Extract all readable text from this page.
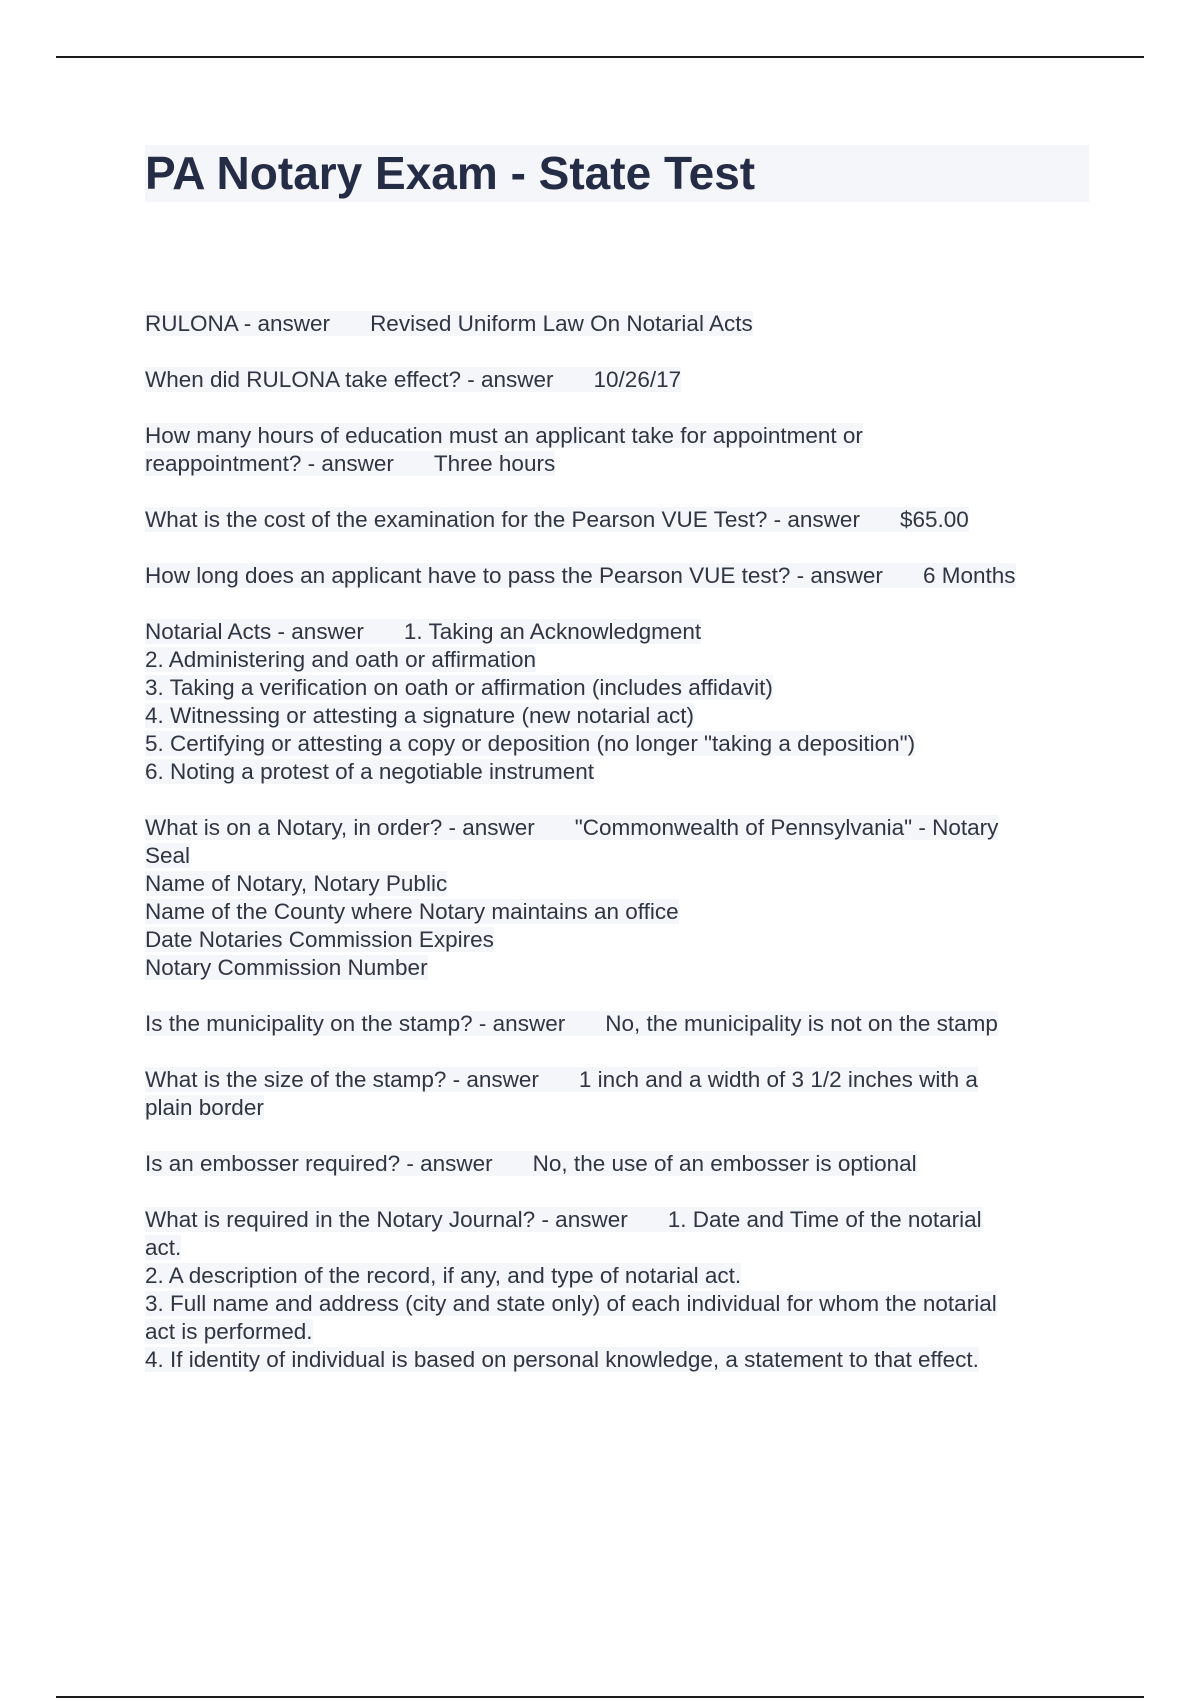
PA Notary Exam - State Test
RULONA - answer Revised Uniform Law On Notarial Acts
When did RULONA take effect? - answer 10/26/17
How many hours of education must an applicant take for appointment or
reappointment? - answer Three hours
What is the cost of the examination for the Pearson VUE Test? - answer $65.00
How long does an applicant have to pass the Pearson VUE test? - answer 6 Months
Notarial Acts - answer 1. Taking an Acknowledgment
2. Administering and oath or affirmation
3. Taking a verification on oath or affirmation (includes affidavit)
4. Witnessing or attesting a signature (new notarial act)
5. Certifying or attesting a copy or deposition (no longer "taking a deposition")
6. Noting a protest of a negotiable instrument
What is on a Notary, in order? - answer "Commonwealth of Pennsylvania" - Notary
Seal
Name of Notary, Notary Public
Name of the County where Notary maintains an office
Date Notaries Commission Expires
Notary Commission Number
Is the municipality on the stamp? - answer No, the municipality is not on the stamp
What is the size of the stamp? - answer 1 inch and a width of 3 1/2 inches with a
plain border
Is an embosser required? - answer No, the use of an embosser is optional
What is required in the Notary Journal? - answer 1. Date and Time of the notarial
act.
2. A description of the record, if any, and type of notarial act.
3. Full name and address (city and state only) of each individual for whom the notarial
act is performed.
4. If identity of individual is based on personal knowledge, a statement to that effect.
